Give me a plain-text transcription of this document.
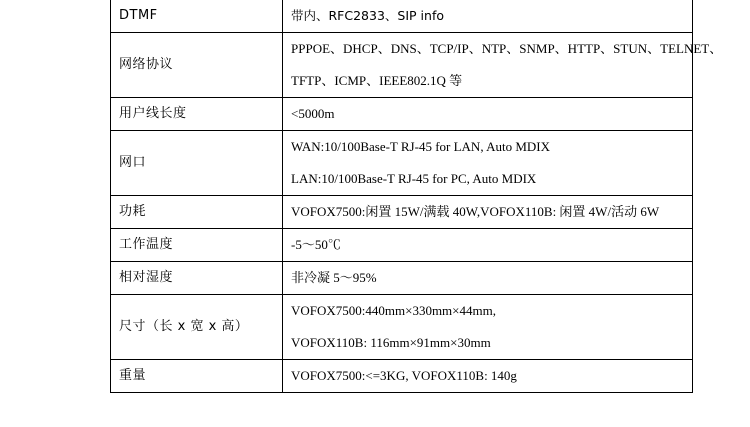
DTMF	带内、RFC2833、SIP info

网络协议	PPPOE、DHCP、DNS、TCP/IP、NTP、SNMP、HTTP、STUN、TELNET、
TFTP、ICMP、IEEE802.1Q 等

用户线长度	<5000m

网口	WAN:10/100Base-T RJ-45 for LAN, Auto MDIX
LAN:10/100Base-T RJ-45 for PC, Auto MDIX

功耗	VOFOX7500:闲置 15W/满载 40W,VOFOX110B: 闲置 4W/活动 6W

工作温度	-5～50℃

相对湿度	非冷凝 5～95%

尺寸（长 x 宽 x 高）	VOFOX7500:440mm×330mm×44mm,
VOFOX110B: 116mm×91mm×30mm

重量	VOFOX7500:<=3KG, VOFOX110B: 140g
